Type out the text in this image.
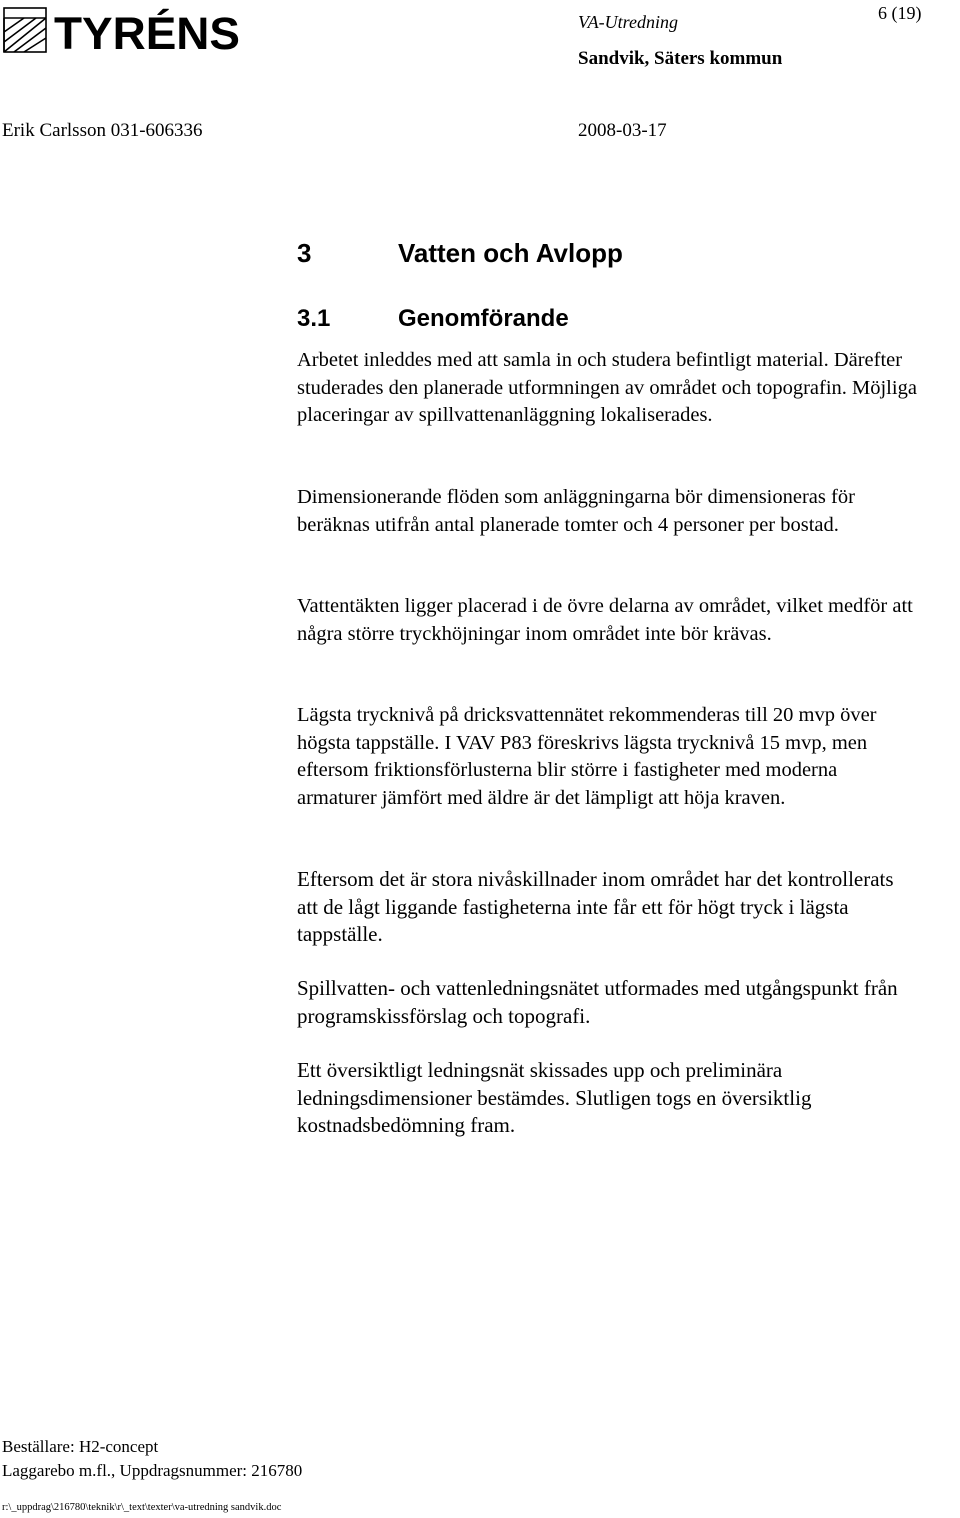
TYRÉNS	VA-Utredning
Sandvik, Säters kommun
6 (19)
Erik Carlsson 031-606336	2008-03-17
3	Vatten och Avlopp
3.1	Genomförande

Arbetet inleddes med att samla in och studera befintligt material. Därefter studerades den planerade utformningen av området och topografin. Möjliga placeringar av spillvattenanläggning lokaliserades.

Dimensionerande flöden som anläggningarna bör dimensioneras för beräknas utifrån antal planerade tomter och 4 personer per bostad.

Vattentäkten ligger placerad i de övre delarna av området, vilket medför att några större tryckhöjningar inom området inte bör krävas.

Lägsta trycknivå på dricksvattennätet rekommenderas till 20 mvp över högsta tappställe. I VAV P83 föreskrivs lägsta trycknivå 15 mvp, men eftersom friktionsförlusterna blir större i fastigheter med moderna armaturer jämfört med äldre är det lämpligt att höja kraven.

Eftersom det är stora nivåskillnader inom området har det kontrollerats att de lågt liggande fastigheterna inte får ett för högt tryck i lägsta tappställe.

Spillvatten- och vattenledningsnätet utformades med utgångspunkt från programskissförslag och topografi.

Ett översiktligt ledningsnät skissades upp och preliminära ledningsdimensioner bestämdes. Slutligen togs en översiktlig kostnadsbedömning fram.

Beställare: H2-concept
Laggarebo m.fl., Uppdragsnummer: 216780
r:\_uppdrag\216780\teknik\r\_text\texter\va-utredning sandvik.doc
